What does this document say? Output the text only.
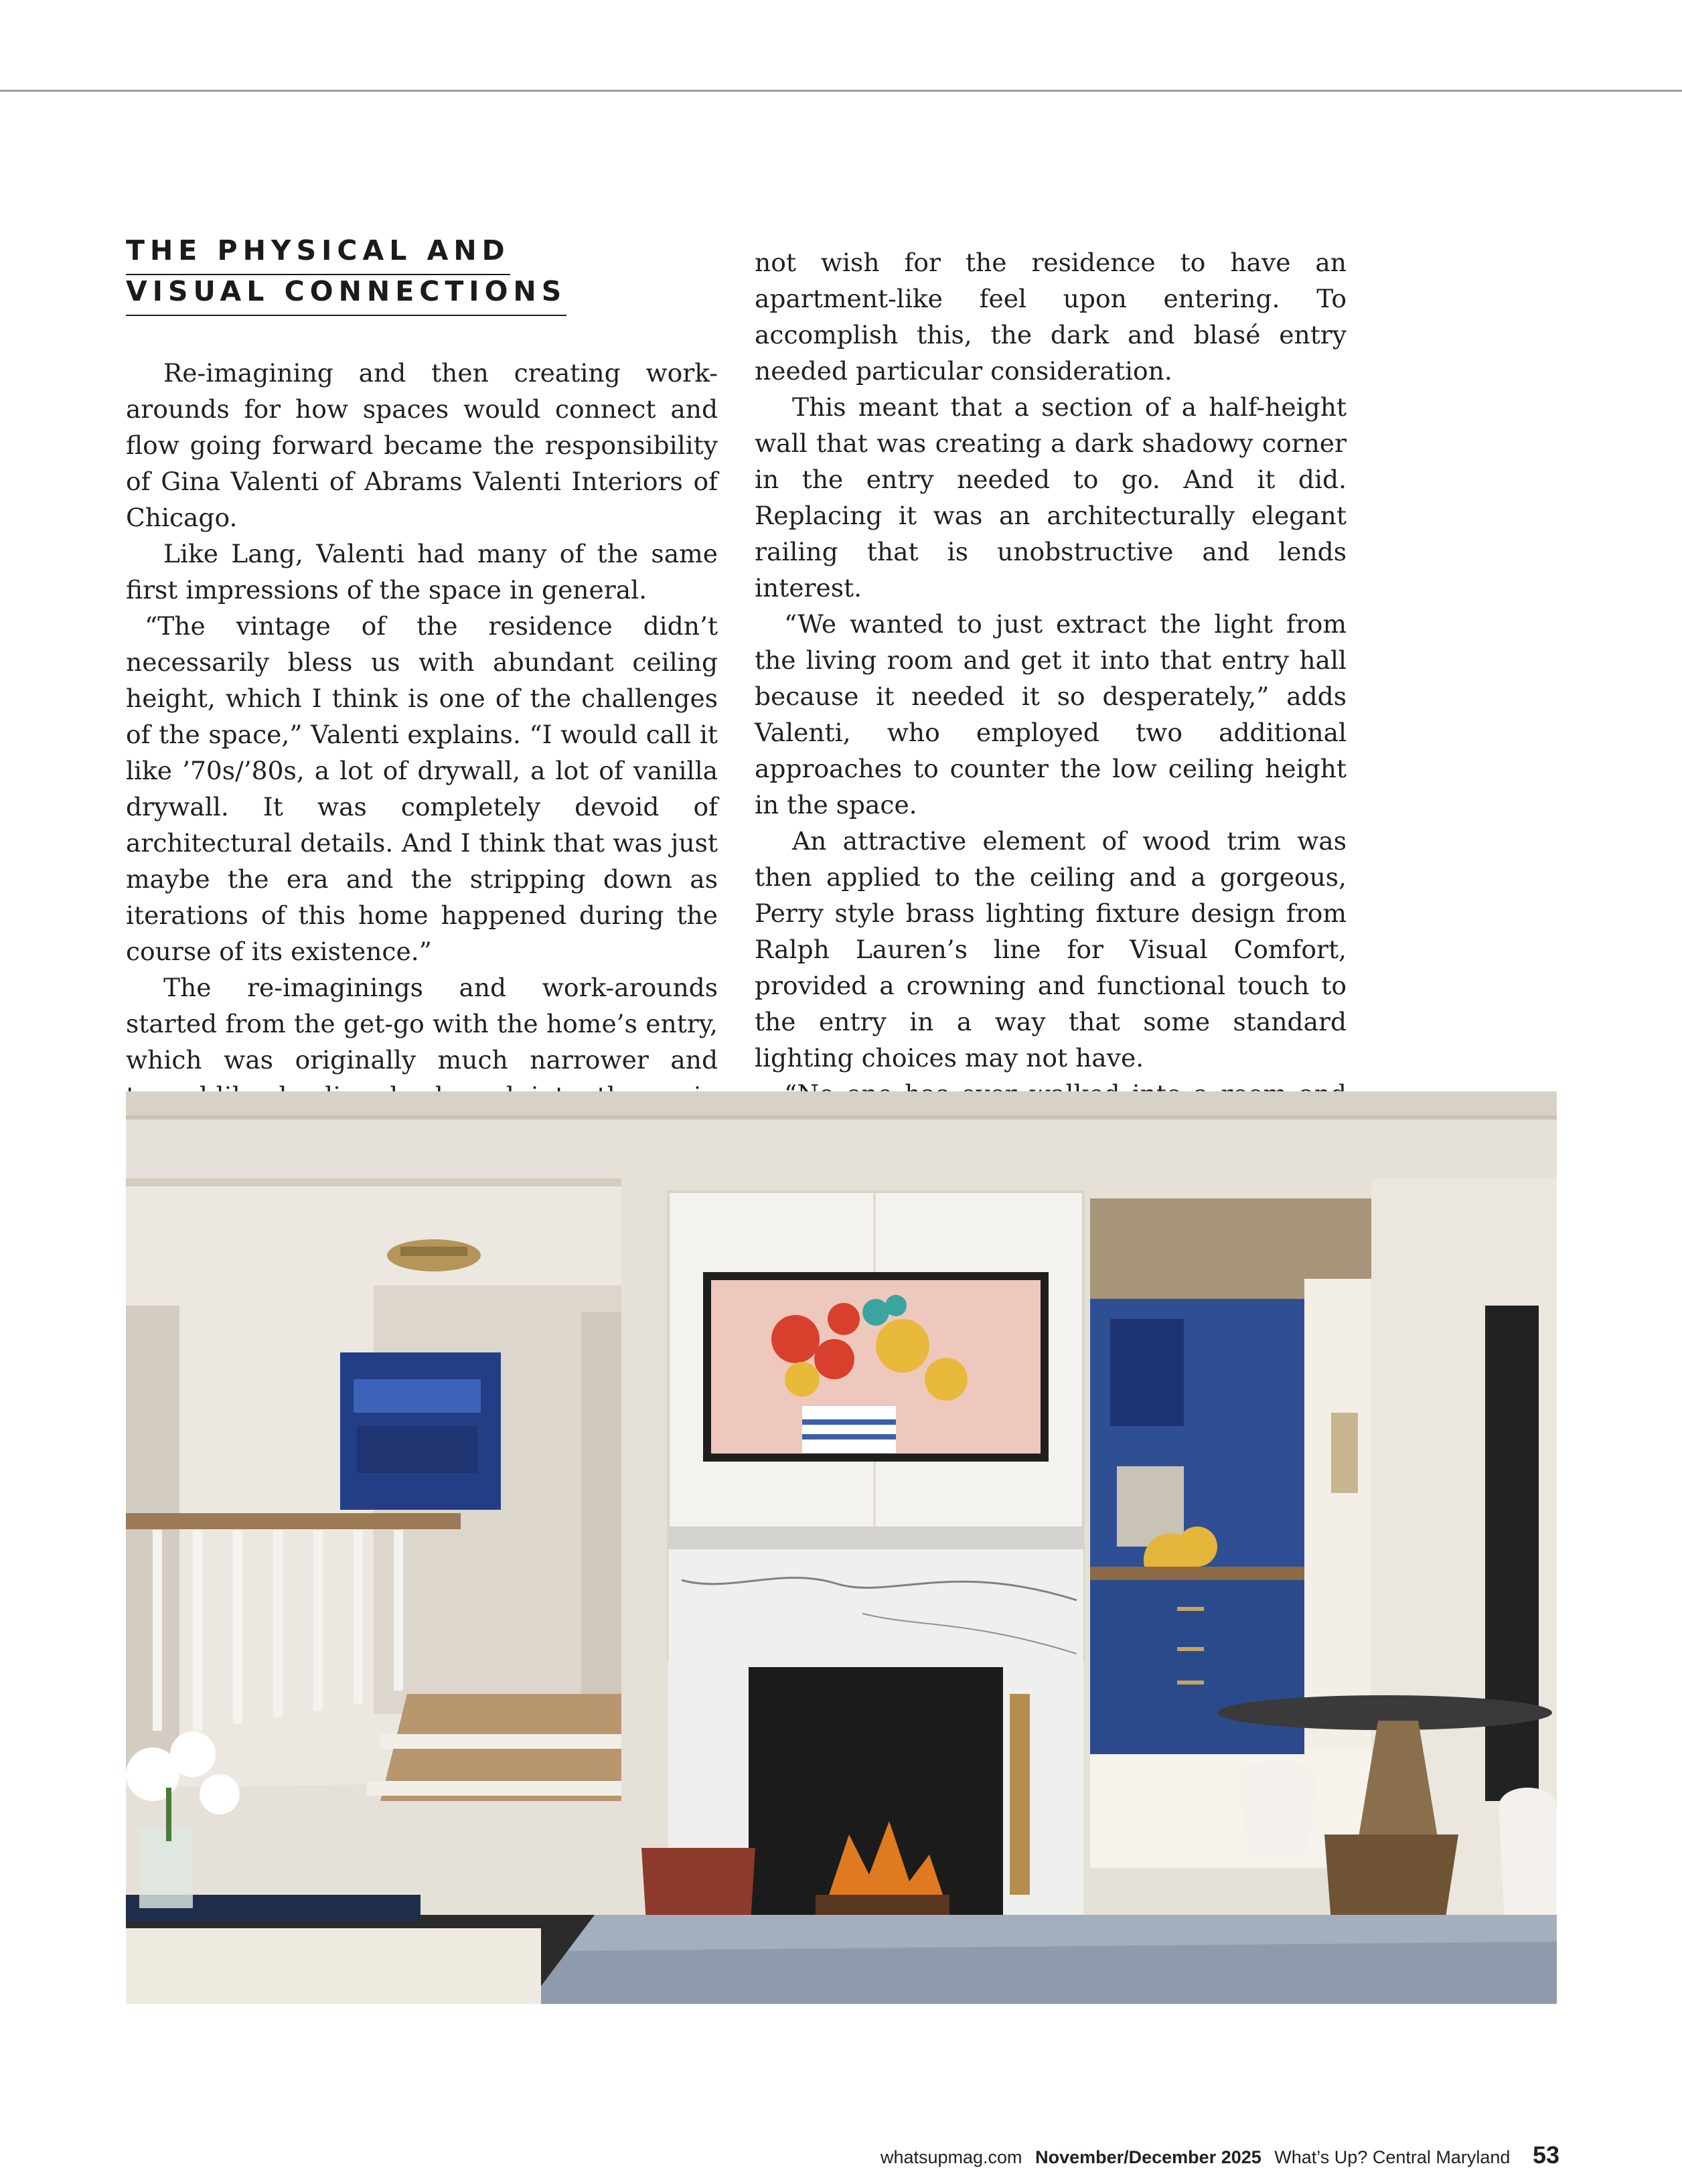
THE PHYSICAL AND
VISUAL CONNECTIONS

Re-imagining and then creating work-arounds for how spaces would connect and flow going forward became the responsibility of Gina Valenti of Abrams Valenti Interiors of Chicago.

Like Lang, Valenti had many of the same first impressions of the space in general.

“The vintage of the residence didn’t necessarily bless us with abundant ceiling height, which I think is one of the challenges of the space,” Valenti explains. “I would call it like ’70s/’80s, a lot of drywall, a lot of vanilla drywall. It was completely devoid of architectural details. And I think that was just maybe the era and the stripping down as iterations of this home happened during the course of its existence.”

The re-imaginings and work-arounds started from the get-go with the home’s entry, which was originally much narrower and

not wish for the residence to have an apartment-like feel upon entering. To accomplish this, the dark and blasé entry needed particular consideration.

This meant that a section of a half-height wall that was creating a dark shadowy corner in the entry needed to go. And it did. Replacing it was an architecturally elegant railing that is unobstructive and lends interest.

“We wanted to just extract the light from the living room and get it into that entry hall because it needed it so desperately,” adds Valenti, who employed two additional approaches to counter the low ceiling height in the space.

An attractive element of wood trim was then applied to the ceiling and a gorgeous, Perry style brass lighting fixture design from Ralph Lauren’s line for Visual Comfort, provided a crowning and functional touch to the entry in a way that some standard lighting choices may not have.

whatsupmag.com November/December 2025 What’s Up? Central Maryland 53
